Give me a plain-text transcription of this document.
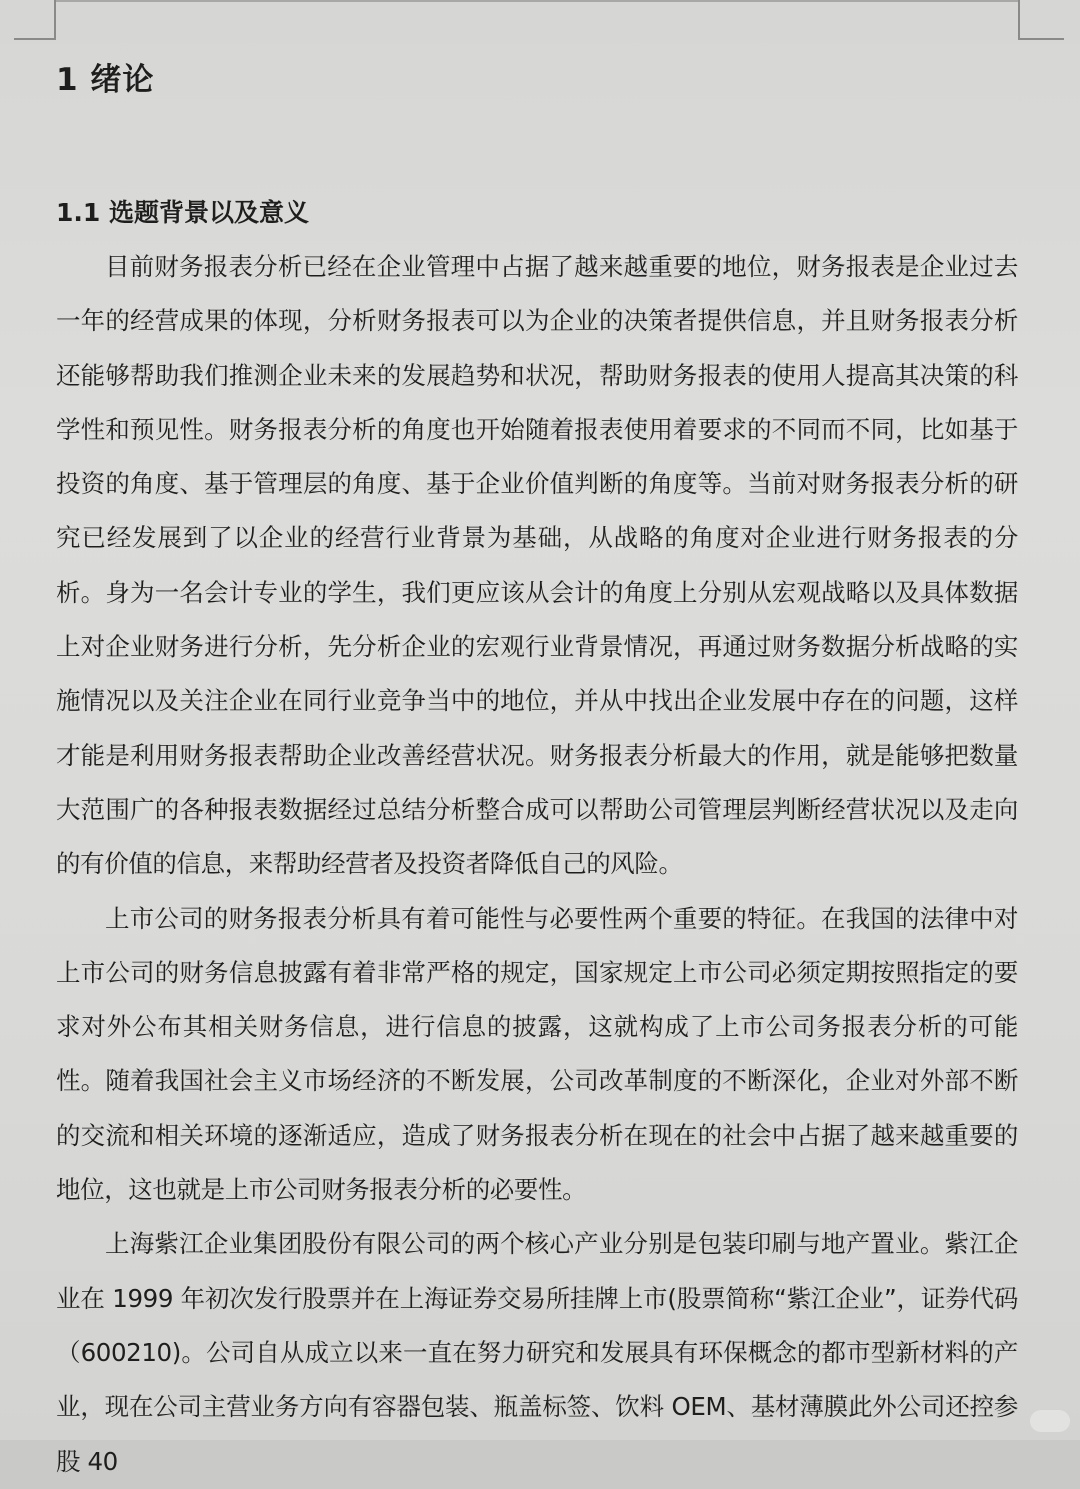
1 绪论
1.1 选题背景以及意义

目前财务报表分析已经在企业管理中占据了越来越重要的地位，财务报表是企业过去一年的经营成果的体现，分析财务报表可以为企业的决策者提供信息，并且财务报表分析还能够帮助我们推测企业未来的发展趋势和状况，帮助财务报表的使用人提高其决策的科学性和预见性。财务报表分析的角度也开始随着报表使用着要求的不同而不同，比如基于投资的角度、基于管理层的角度、基于企业价值判断的角度等。当前对财务报表分析的研究已经发展到了以企业的经营行业背景为基础，从战略的角度对企业进行财务报表的分析。身为一名会计专业的学生，我们更应该从会计的角度上分别从宏观战略以及具体数据上对企业财务进行分析，先分析企业的宏观行业背景情况，再通过财务数据分析战略的实施情况以及关注企业在同行业竞争当中的地位，并从中找出企业发展中存在的问题，这样才能是利用财务报表帮助企业改善经营状况。财务报表分析最大的作用，就是能够把数量大范围广的各种报表数据经过总结分析整合成可以帮助公司管理层判断经营状况以及走向的有价值的信息，来帮助经营者及投资者降低自己的风险。

上市公司的财务报表分析具有着可能性与必要性两个重要的特征。在我国的法律中对上市公司的财务信息披露有着非常严格的规定，国家规定上市公司必须定期按照指定的要求对外公布其相关财务信息，进行信息的披露，这就构成了上市公司务报表分析的可能性。随着我国社会主义市场经济的不断发展，公司改革制度的不断深化，企业对外部不断的交流和相关环境的逐渐适应，造成了财务报表分析在现在的社会中占据了越来越重要的地位，这也就是上市公司财务报表分析的必要性。

上海紫江企业集团股份有限公司的两个核心产业分别是包装印刷与地产置业。紫江企业在 1999 年初次发行股票并在上海证券交易所挂牌上市(股票简称“紫江企业”，证券代码（600210)。公司自从成立以来一直在努力研究和发展具有环保概念的都市型新材料的产业，现在公司主营业务方向有容器包装、瓶盖标签、饮料 OEM、基材薄膜此外公司还控参股 40
